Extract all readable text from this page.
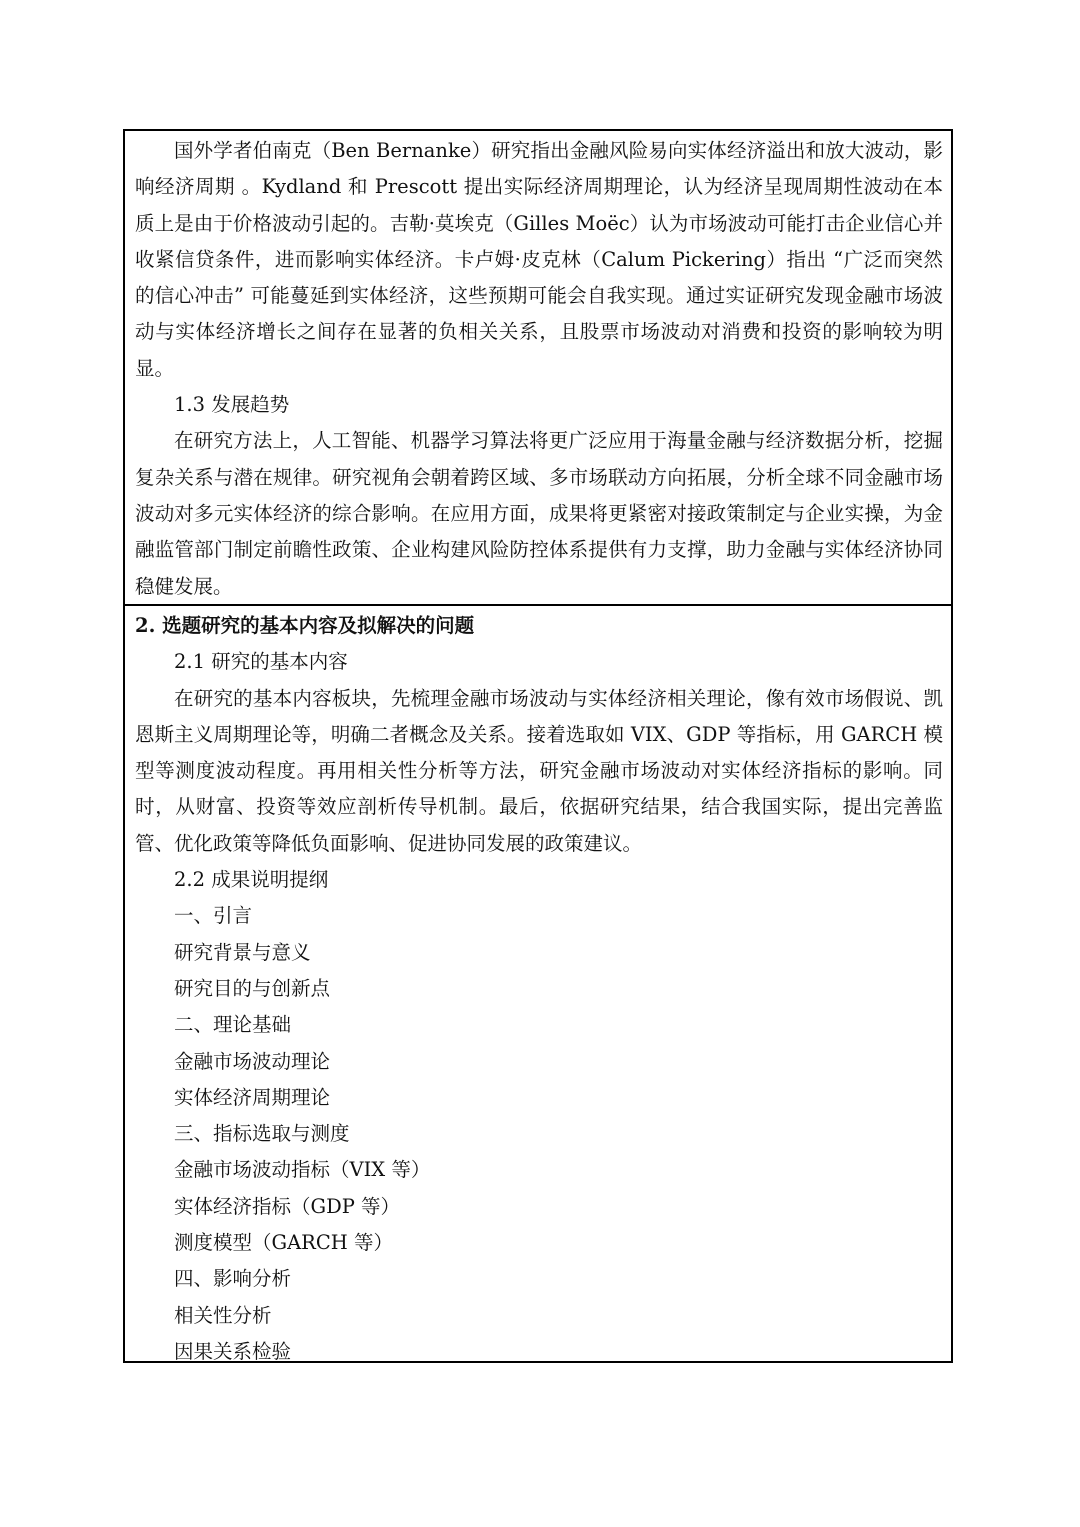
国外学者伯南克（Ben Bernanke）研究指出金融风险易向实体经济溢出和放大波动，影响经济周期 。Kydland 和 Prescott 提出实际经济周期理论，认为经济呈现周期性波动在本质上是由于价格波动引起的。吉勒·莫埃克（Gilles Moëc）认为市场波动可能打击企业信心并收紧信贷条件，进而影响实体经济。卡卢姆·皮克林（Calum Pickering）指出 “广泛而突然的信心冲击” 可能蔓延到实体经济，这些预期可能会自我实现。通过实证研究发现金融市场波动与实体经济增长之间存在显著的负相关关系，且股票市场波动对消费和投资的影响较为明显。

1.3 发展趋势

在研究方法上，人工智能、机器学习算法将更广泛应用于海量金融与经济数据分析，挖掘复杂关系与潜在规律。研究视角会朝着跨区域、多市场联动方向拓展，分析全球不同金融市场波动对多元实体经济的综合影响。在应用方面，成果将更紧密对接政策制定与企业实操，为金融监管部门制定前瞻性政策、企业构建风险防控体系提供有力支撑，助力金融与实体经济协同稳健发展。

2. 选题研究的基本内容及拟解决的问题

2.1 研究的基本内容

在研究的基本内容板块，先梳理金融市场波动与实体经济相关理论，像有效市场假说、凯恩斯主义周期理论等，明确二者概念及关系。接着选取如 VIX、GDP 等指标，用 GARCH 模型等测度波动程度。再用相关性分析等方法，研究金融市场波动对实体经济指标的影响。同时，从财富、投资等效应剖析传导机制。最后，依据研究结果，结合我国实际，提出完善监管、优化政策等降低负面影响、促进协同发展的政策建议。

2.2 成果说明提纲

一、引言

研究背景与意义

研究目的与创新点

二、理论基础

金融市场波动理论

实体经济周期理论

三、指标选取与测度

金融市场波动指标（VIX 等）

实体经济指标（GDP 等）

测度模型（GARCH 等）

四、影响分析

相关性分析

因果关系检验
